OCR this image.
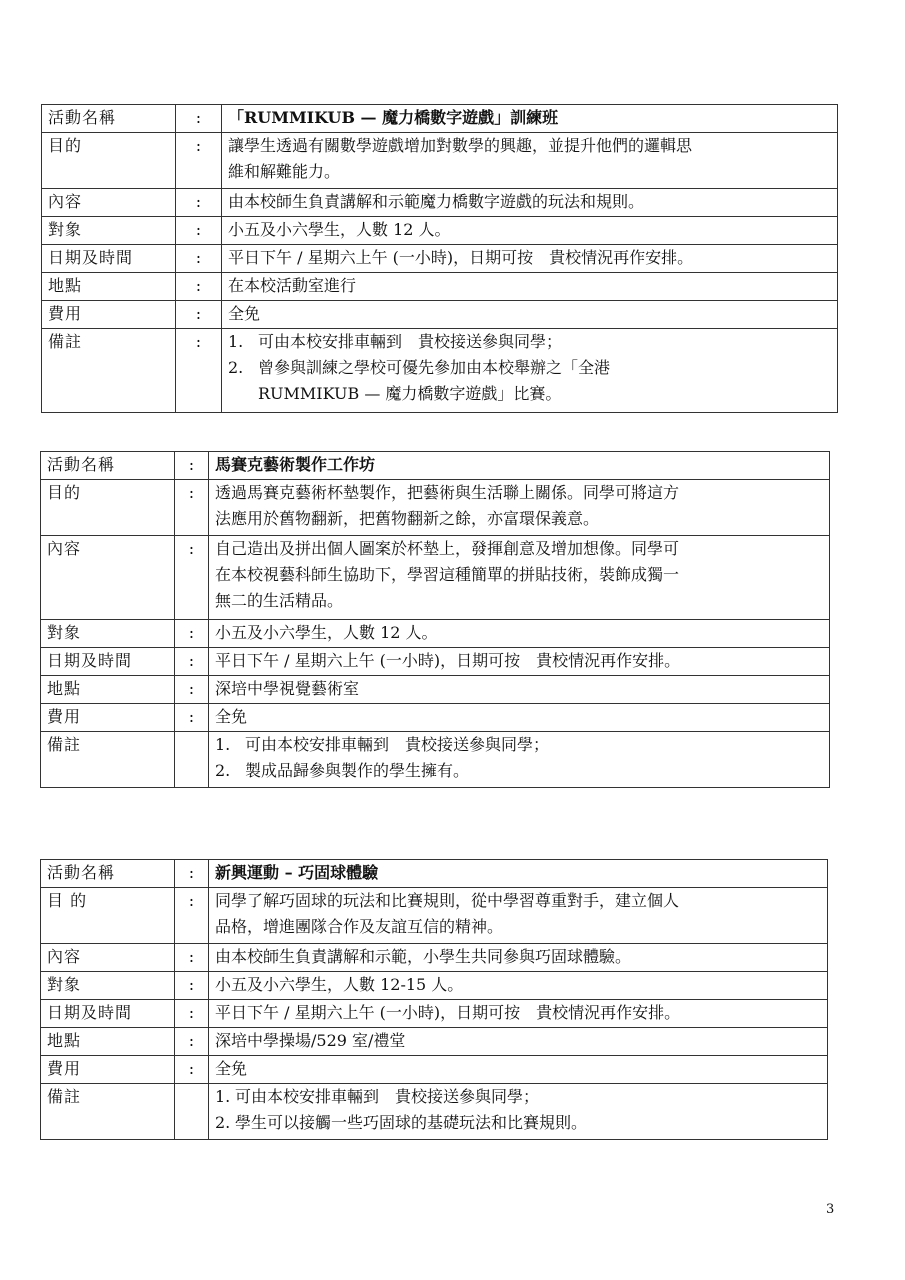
活動名稱	:	「RUMMIKUB — 魔力橋數字遊戲」訓練班
目的	:	讓學生透過有關數學遊戲增加對數學的興趣，並提升他們的邏輯思
維和解難能力。

內容	:	由本校師生負責講解和示範魔力橋數字遊戲的玩法和規則。
對象	:	小五及小六學生，人數 12 人。
日期及時間	:	平日下午 / 星期六上午 (一小時)，日期可按　貴校情況再作安排。
地點	:	在本校活動室進行
費用	:	全免
備註	:	1. 可由本校安排車輛到　貴校接送參與同學；
2. 曾參與訓練之學校可優先參加由本校舉辦之「全港
RUMMIKUB — 魔力橋數字遊戲」比賽。
活動名稱	:	馬賽克藝術製作工作坊
目的	:	透過馬賽克藝術杯墊製作，把藝術與生活聯上關係。同學可將這方
法應用於舊物翻新，把舊物翻新之餘，亦富環保義意。

內容	:	自己造出及拼出個人圖案於杯墊上，發揮創意及增加想像。同學可
在本校視藝科師生協助下，學習這種簡單的拼貼技術，裝飾成獨一
無二的生活精品。

對象	:	小五及小六學生，人數 12 人。
日期及時間	:	平日下午 / 星期六上午 (一小時)，日期可按　貴校情況再作安排。
地點	:	深培中學視覺藝術室
費用	:	全免
備註		1. 可由本校安排車輛到　貴校接送參與同學；
2. 製成品歸參與製作的學生擁有。
活動名稱	:	新興運動 – 巧固球體驗
目 的	:	同學了解巧固球的玩法和比賽規則，從中學習尊重對手，建立個人
品格，增進團隊合作及友誼互信的精神。

內容	:	由本校師生負責講解和示範，小學生共同參與巧固球體驗。
對象	:	小五及小六學生，人數 12-15 人。
日期及時間	:	平日下午 / 星期六上午 (一小時)，日期可按　貴校情況再作安排。
地點	:	深培中學操場/529 室/禮堂
費用	:	全免
備註		1. 可由本校安排車輛到　貴校接送參與同學；
2. 學生可以接觸一些巧固球的基礎玩法和比賽規則。
3
